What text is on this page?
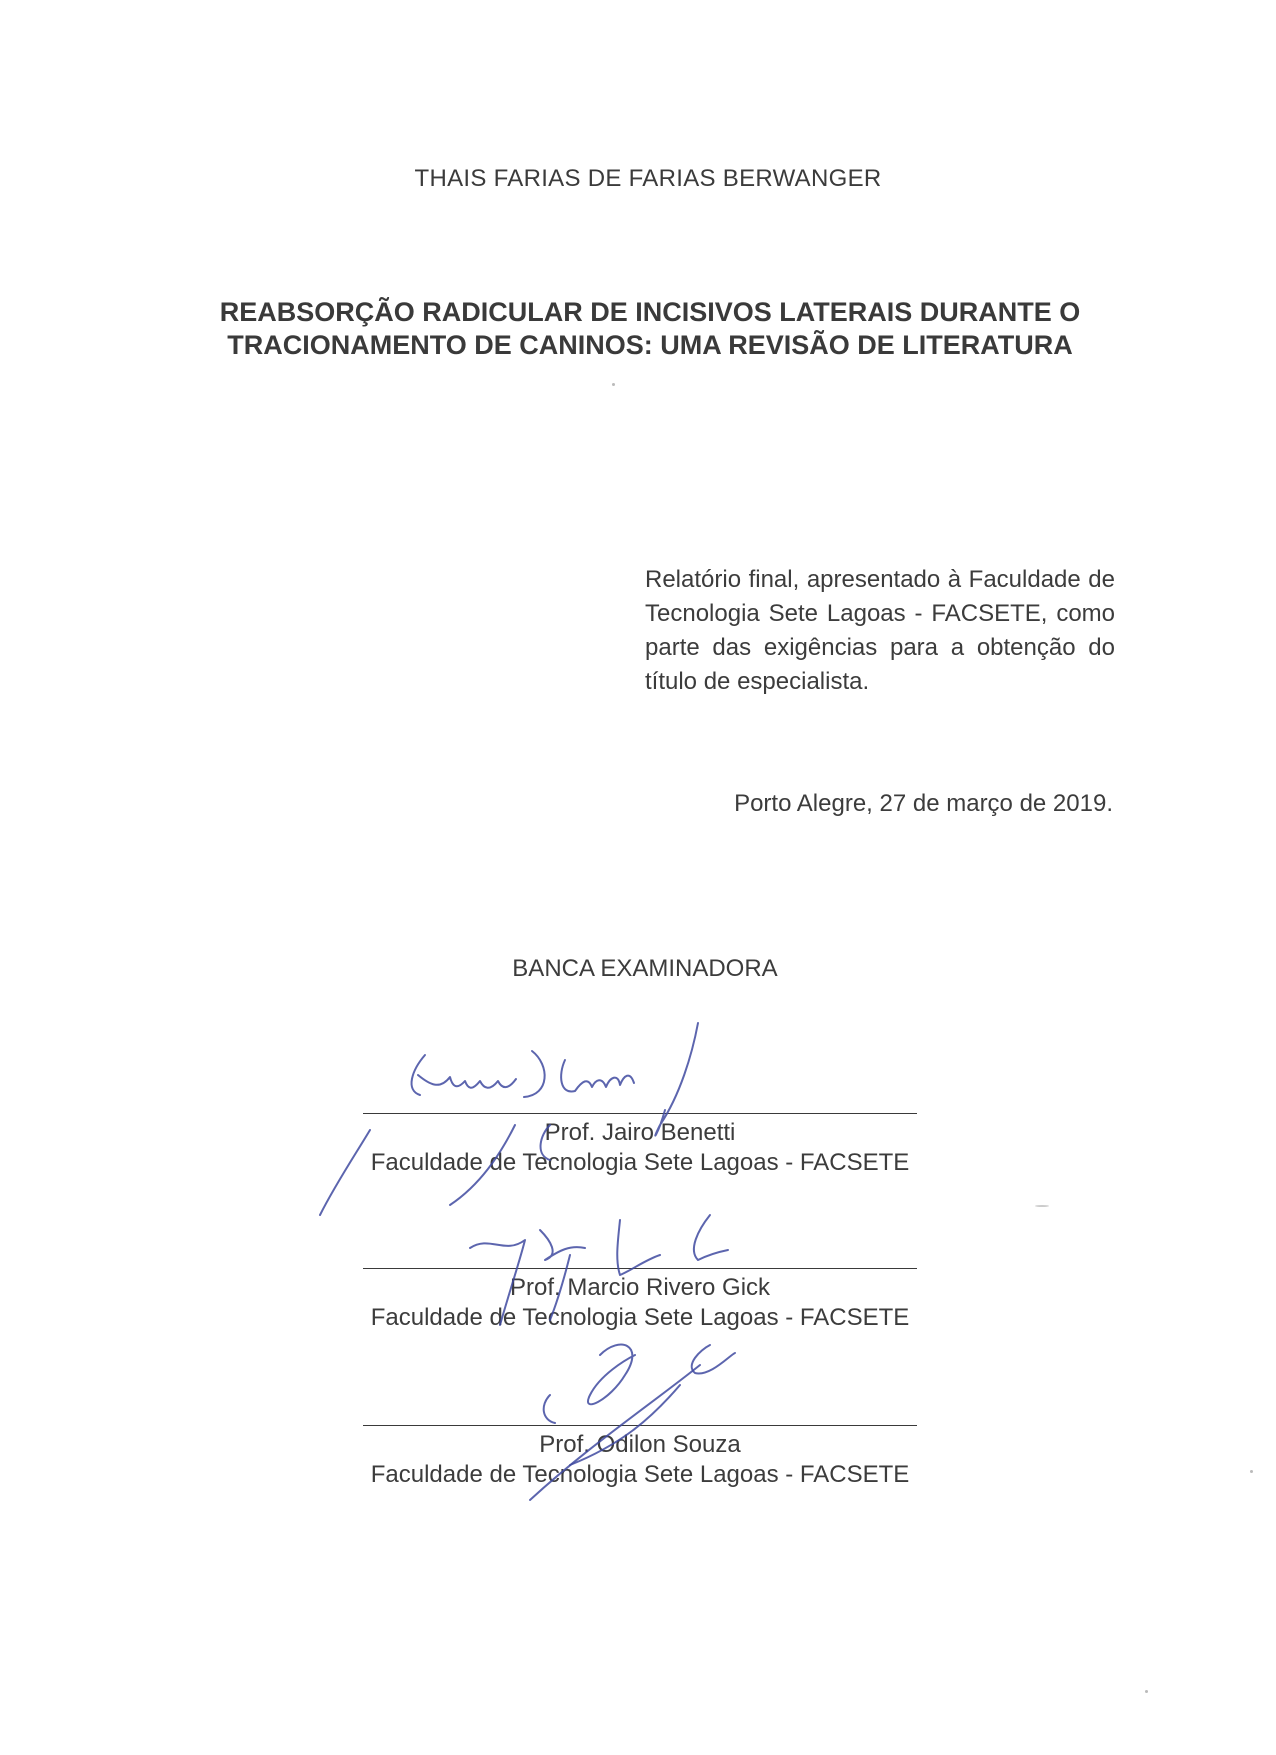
THAIS FARIAS DE FARIAS BERWANGER
REABSORÇÃO RADICULAR DE INCISIVOS LATERAIS DURANTE O
TRACIONAMENTO DE CANINOS: UMA REVISÃO DE LITERATURA
Relatório final, apresentado à Faculdade de Tecnologia Sete Lagoas - FACSETE, como parte das exigências para a obtenção do título de especialista.
Porto Alegre, 27 de março de 2019.
BANCA EXAMINADORA
Prof. Jairo Benetti
Faculdade de Tecnologia Sete Lagoas - FACSETE
Prof. Marcio Rivero Gick
Faculdade de Tecnologia Sete Lagoas - FACSETE
Prof. Odilon Souza
Faculdade de Tecnologia Sete Lagoas - FACSETE
